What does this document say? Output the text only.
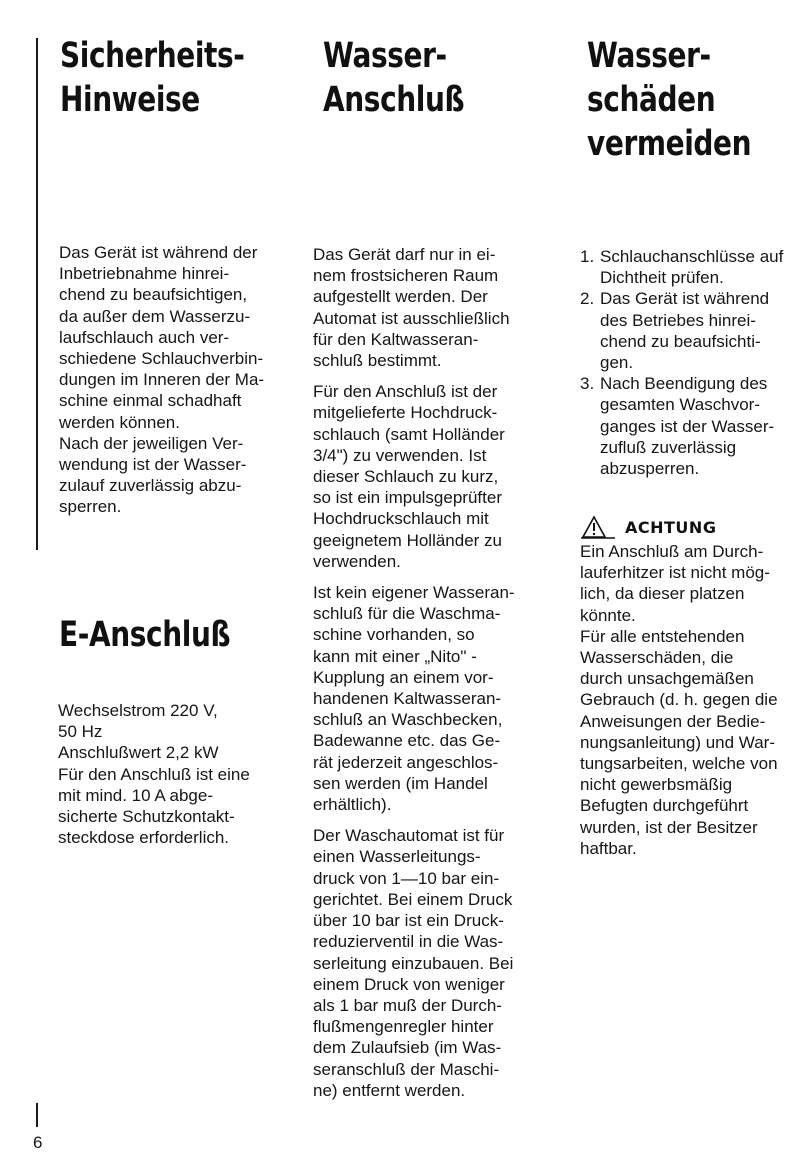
Sicherheits-
Hinweise
Das Gerät ist während der
Inbetriebnahme hinrei-
chend zu beaufsichtigen,
da außer dem Wasserzu-
laufschlauch auch ver-
schiedene Schlauchverbin-
dungen im Inneren der Ma-
schine einmal schadhaft
werden können.
Nach der jeweiligen Ver-
wendung ist der Wasser-
zulauf zuverlässig abzu-
sperren.
E-Anschluß
Wechselstrom 220 V,
50 Hz
Anschlußwert 2,2 kW
Für den Anschluß ist eine
mit mind. 10 A abge-
sicherte Schutzkontakt-
steckdose erforderlich.
Wasser-
Anschluß
Das Gerät darf nur in ei-
nem frostsicheren Raum
aufgestellt werden. Der
Automat ist ausschließlich
für den Kaltwasseran-
schluß bestimmt.
Für den Anschluß ist der
mitgelieferte Hochdruck-
schlauch (samt Holländer
3/4") zu verwenden. Ist
dieser Schlauch zu kurz,
so ist ein impulsgeprüfter
Hochdruckschlauch mit
geeignetem Holländer zu
verwenden.
Ist kein eigener Wasseran-
schluß für die Waschma-
schine vorhanden, so
kann mit einer „Nito" -
Kupplung an einem vor-
handenen Kaltwasseran-
schluß an Waschbecken,
Badewanne etc. das Ge-
rät jederzeit angeschlos-
sen werden (im Handel
erhältlich).
Der Waschautomat ist für
einen Wasserleitungs-
druck von 1—10 bar ein-
gerichtet. Bei einem Druck
über 10 bar ist ein Druck-
reduzierventil in die Was-
serleitung einzubauen. Bei
einem Druck von weniger
als 1 bar muß der Durch-
flußmengenregler hinter
dem Zulaufsieb (im Was-
seranschluß der Maschi-
ne) entfernt werden.
Wasser-
schäden
vermeiden
1. Schlauchanschlüsse auf
Dichtheit prüfen.
2. Das Gerät ist während
des Betriebes hinrei-
chend zu beaufsichti-
gen.
3. Nach Beendigung des
gesamten Waschvor-
ganges ist der Wasser-
zufluß zuverlässig
abzusperren.
ACHTUNG
Ein Anschluß am Durch-
lauferhitzer ist nicht mög-
lich, da dieser platzen
könnte.
Für alle entstehenden
Wasserschäden, die
durch unsachgemäßen
Gebrauch (d. h. gegen die
Anweisungen der Bedie-
nungsanleitung) und War-
tungsarbeiten, welche von
nicht gewerbsmäßig
Befugten durchgeführt
wurden, ist der Besitzer
haftbar.
6
